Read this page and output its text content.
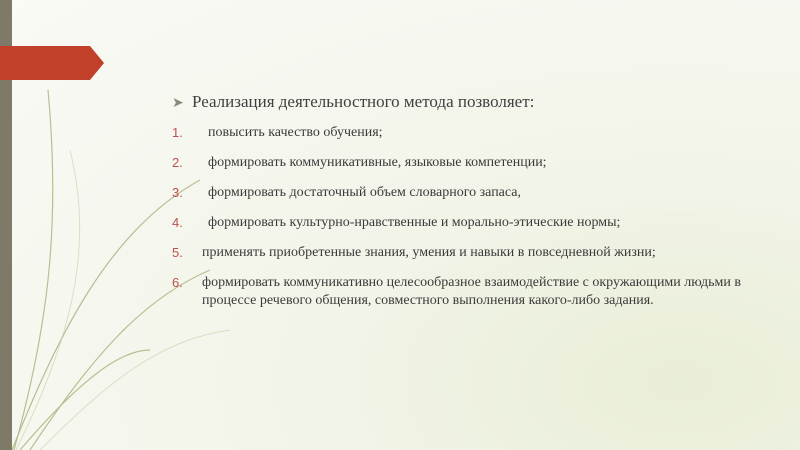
➤ Реализация деятельностного метода позволяет:
1.	повысить качество обучения;
2.	формировать коммуникативные, языковые компетенции;
3.	формировать достаточный объем словарного запаса,
4.	формировать культурно-нравственные и морально-этические нормы;
5.	применять приобретенные знания, умения и навыки в повседневной жизни;
6.	формировать коммуникативно целесообразное взаимодействие с окружающими людьми в процессе речевого общения, совместного выполнения какого-либо задания.
